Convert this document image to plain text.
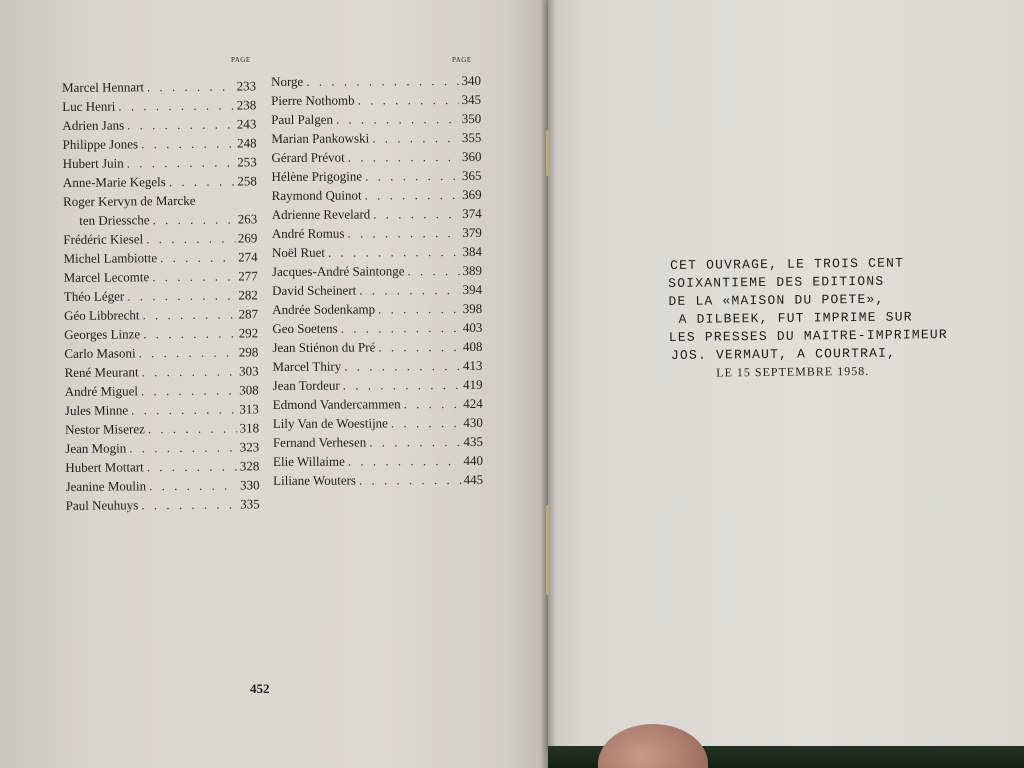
PAGE	PAGE
Marcel Hennart . . .	233
Luc Henri . . .	238
Adrien Jans . . .	243
Philippe Jones . . .	248
Hubert Juin . . .	253
Anne-Marie Kegels . . .	258
Roger Kervyn de Marcke
ten Driessche . . .	263
Frédéric Kiesel . . .	269
Michel Lambiotte . . .	274
Marcel Lecomte . . .	277
Théo Léger . . .	282
Géo Libbrecht . . .	287
Georges Linze . . .	292
Carlo Masoni . . .	298
René Meurant . . .	303
André Miguel . . .	308
Jules Minne . . .	313
Nestor Miserez . . .	318
Jean Mogin . . .	323
Hubert Mottart . . .	328
Jeanine Moulin . . .	330
Paul Neuhuys . . .	335
Norge . . .	340
Pierre Nothomb . . .	345
Paul Palgen . . .	350
Marian Pankowski . . .	355
Gérard Prévot . . .	360
Hélène Prigogine . . .	365
Raymond Quinot . . .	369
Adrienne Revelard . . .	374
André Romus . . .	379
Noël Ruet . . .	384
Jacques-André Saintonge . . .	389
David Scheinert . . .	394
Andrée Sodenkamp . . .	398
Geo Soetens . . .	403
Jean Stiénon du Pré . . .	408
Marcel Thiry . . .	413
Jean Tordeur . . .	419
Edmond Vandercammen . . .	424
Lily Van de Woestijne . . .	430
Fernand Verhesen . . .	435
Elie Willaime . . .	440
Liliane Wouters . . .	445
452
CET OUVRAGE, LE TROIS CENT
SOIXANTIEME DES EDITIONS
DE LA «MAISON DU POETE»,
A DILBEEK, FUT IMPRIME SUR
LES PRESSES DU MAITRE-IMPRIMEUR
JOS. VERMAUT, A COURTRAI,
LE 15 SEPTEMBRE 1958.
